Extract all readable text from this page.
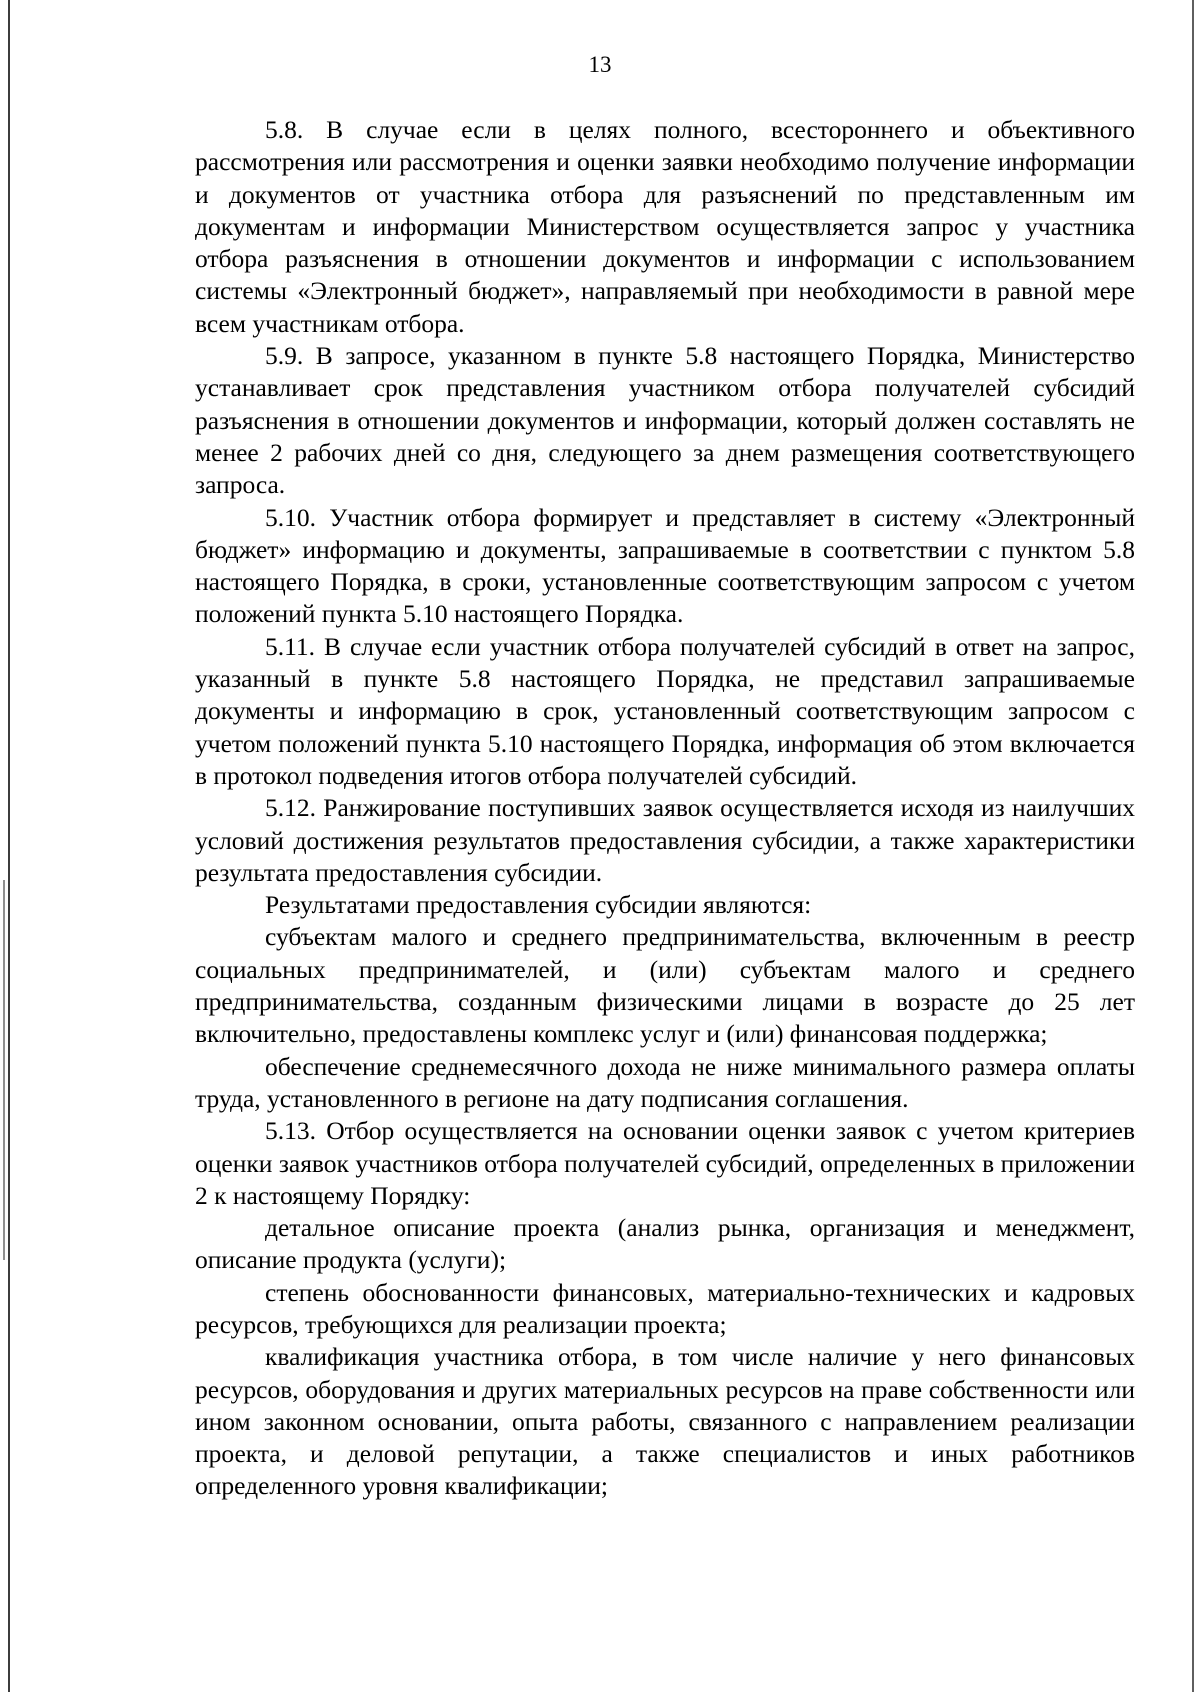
13

5.8. В случае если в целях полного, всестороннего и объективного рассмотрения или рассмотрения и оценки заявки необходимо получение информации и документов от участника отбора для разъяснений по представленным им документам и информации Министерством осуществляется запрос у участника отбора разъяснения в отношении документов и информации с использованием системы «Электронный бюджет», направляемый при необходимости в равной мере всем участникам отбора.

5.9. В запросе, указанном в пункте 5.8 настоящего Порядка, Министерство устанавливает срок представления участником отбора получателей субсидий разъяснения в отношении документов и информации, который должен составлять не менее 2 рабочих дней со дня, следующего за днем размещения соответствующего запроса.

5.10. Участник отбора формирует и представляет в систему «Электронный бюджет» информацию и документы, запрашиваемые в соответствии с пунктом 5.8 настоящего Порядка, в сроки, установленные соответствующим запросом с учетом положений пункта 5.10 настоящего Порядка.

5.11. В случае если участник отбора получателей субсидий в ответ на запрос, указанный в пункте 5.8 настоящего Порядка, не представил запрашиваемые документы и информацию в срок, установленный соответствующим запросом с учетом положений пункта 5.10 настоящего Порядка, информация об этом включается в протокол подведения итогов отбора получателей субсидий.

5.12. Ранжирование поступивших заявок осуществляется исходя из наилучших условий достижения результатов предоставления субсидии, а также характеристики результата предоставления субсидии.

Результатами предоставления субсидии являются:

субъектам малого и среднего предпринимательства, включенным в реестр социальных предпринимателей, и (или) субъектам малого и среднего предпринимательства, созданным физическими лицами в возрасте до 25 лет включительно, предоставлены комплекс услуг и (или) финансовая поддержка;

обеспечение среднемесячного дохода не ниже минимального размера оплаты труда, установленного в регионе на дату подписания соглашения.

5.13. Отбор осуществляется на основании оценки заявок с учетом критериев оценки заявок участников отбора получателей субсидий, определенных в приложении 2 к настоящему Порядку:

детальное описание проекта (анализ рынка, организация и менеджмент, описание продукта (услуги);

степень обоснованности финансовых, материально-технических и кадровых ресурсов, требующихся для реализации проекта;

квалификация участника отбора, в том числе наличие у него финансовых ресурсов, оборудования и других материальных ресурсов на праве собственности или ином законном основании, опыта работы, связанного с направлением реализации проекта, и деловой репутации, а также специалистов и иных работников определенного уровня квалификации;
